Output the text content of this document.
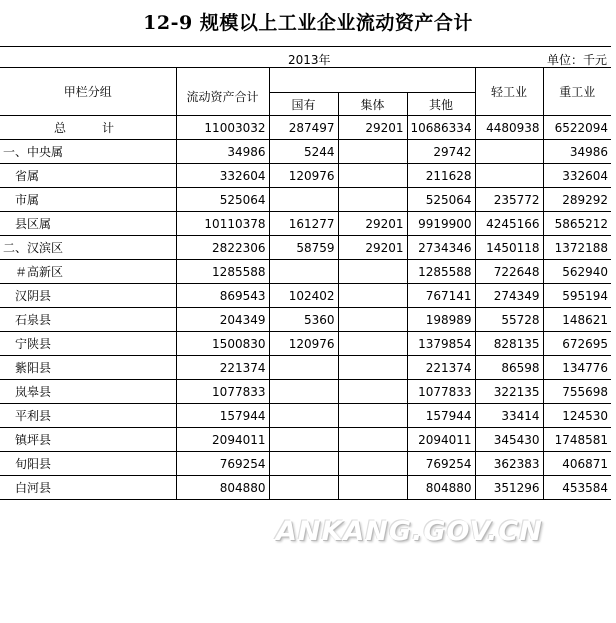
12-9 规模以上工业企业流动资产合计
2013年	单位：千元
甲栏分组	流动资产合计				轻工业	重工业
		国有	集体	其他		
总　　　计	11003032	287497	29201	10686334	4480938	6522094
一、中央属	34986	5244		29742		34986
　省属	332604	120976		211628		332604
　市属	525064			525064	235772	289292
　县区属	10110378	161277	29201	9919900	4245166	5865212
二、汉滨区	2822306	58759	29201	2734346	1450118	1372188
　＃高新区	1285588			1285588	722648	562940
　汉阴县	869543	102402		767141	274349	595194
　石泉县	204349	5360		198989	55728	148621
　宁陕县	1500830	120976		1379854	828135	672695
　紫阳县	221374			221374	86598	134776
　岚皋县	1077833			1077833	322135	755698
　平利县	157944			157944	33414	124530
　镇坪县	2094011			2094011	345430	1748581
　旬阳县	769254			769254	362383	406871
　白河县	804880			804880	351296	453584
ANKANG.GOV.CN
